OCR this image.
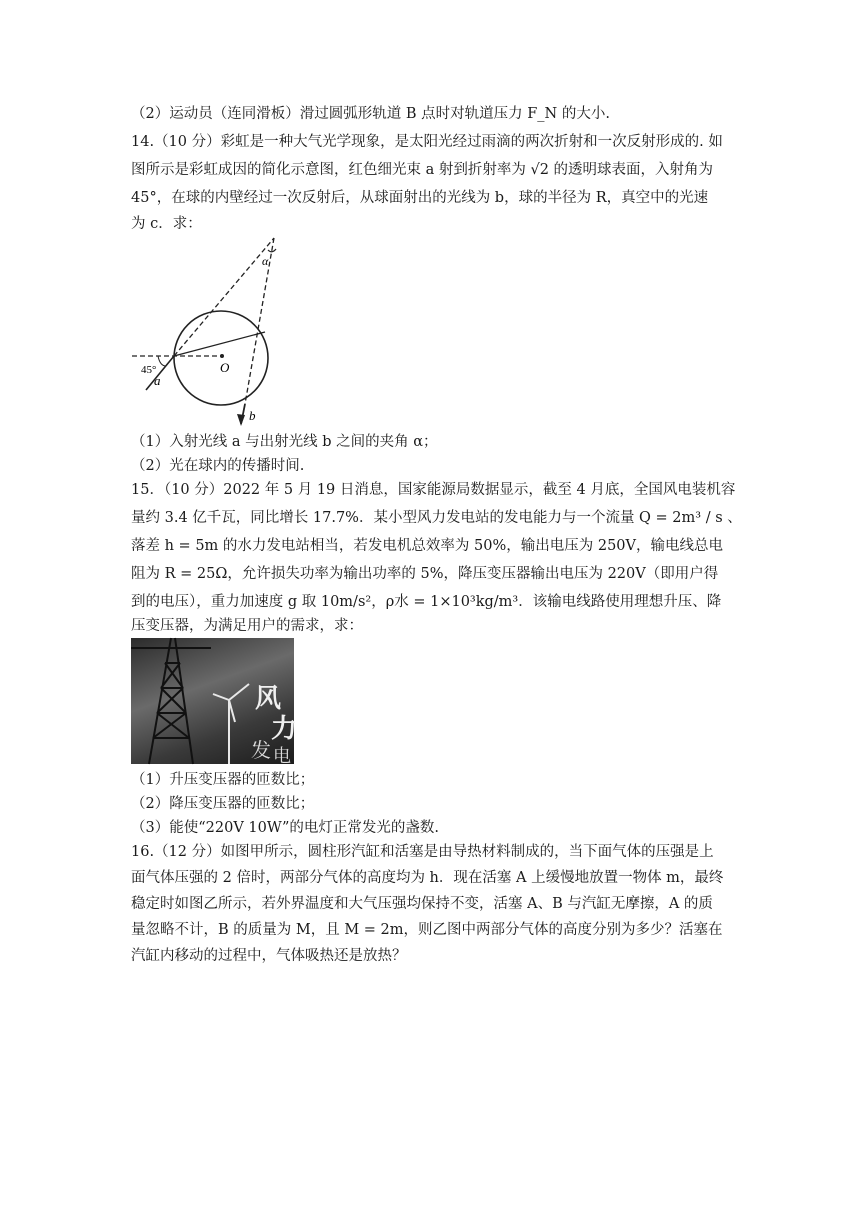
（2）运动员（连同滑板）滑过圆弧形轨道 B 点时对轨道压力 F_N 的大小.
14.（10 分）彩虹是一种大气光学现象，是太阳光经过雨滴的两次折射和一次反射形成的. 如
图所示是彩虹成因的简化示意图，红色细光束 a 射到折射率为 √2 的透明球表面，入射角为
45°，在球的内壁经过一次反射后，从球面射出的光线为 b，球的半径为 R，真空中的光速
为 c．求：
α
45°
a
O
b
（1）入射光线 a 与出射光线 b 之间的夹角 α；
（2）光在球内的传播时间.
15．（10 分）2022 年 5 月 19 日消息，国家能源局数据显示，截至 4 月底，全国风电装机容
量约 3.4 亿千瓦，同比增长 17.7%．某小型风力发电站的发电能力与一个流量 Q = 2m³ / s 、
落差 h = 5m 的水力发电站相当，若发电机总效率为 50%，输出电压为 250V，输电线总电
阻为 R = 25Ω，允许损失功率为输出功率的 5%，降压变压器输出电压为 220V（即用户得
到的电压），重力加速度 g 取 10m/s²，ρ水 = 1×10³kg/m³．该输电线路使用理想升压、降
压变压器，为满足用户的需求，求：
风
力
发 电
（1）升压变压器的匝数比；
（2）降压变压器的匝数比；
（3）能使“220V 10W”的电灯正常发光的盏数.
16.（12 分）如图甲所示，圆柱形汽缸和活塞是由导热材料制成的，当下面气体的压强是上
面气体压强的 2 倍时，两部分气体的高度均为 h．现在活塞 A 上缓慢地放置一物体 m，最终
稳定时如图乙所示，若外界温度和大气压强均保持不变，活塞 A、B 与汽缸无摩擦，A 的质
量忽略不计，B 的质量为 M，且 M = 2m，则乙图中两部分气体的高度分别为多少？活塞在
汽缸内移动的过程中，气体吸热还是放热？
